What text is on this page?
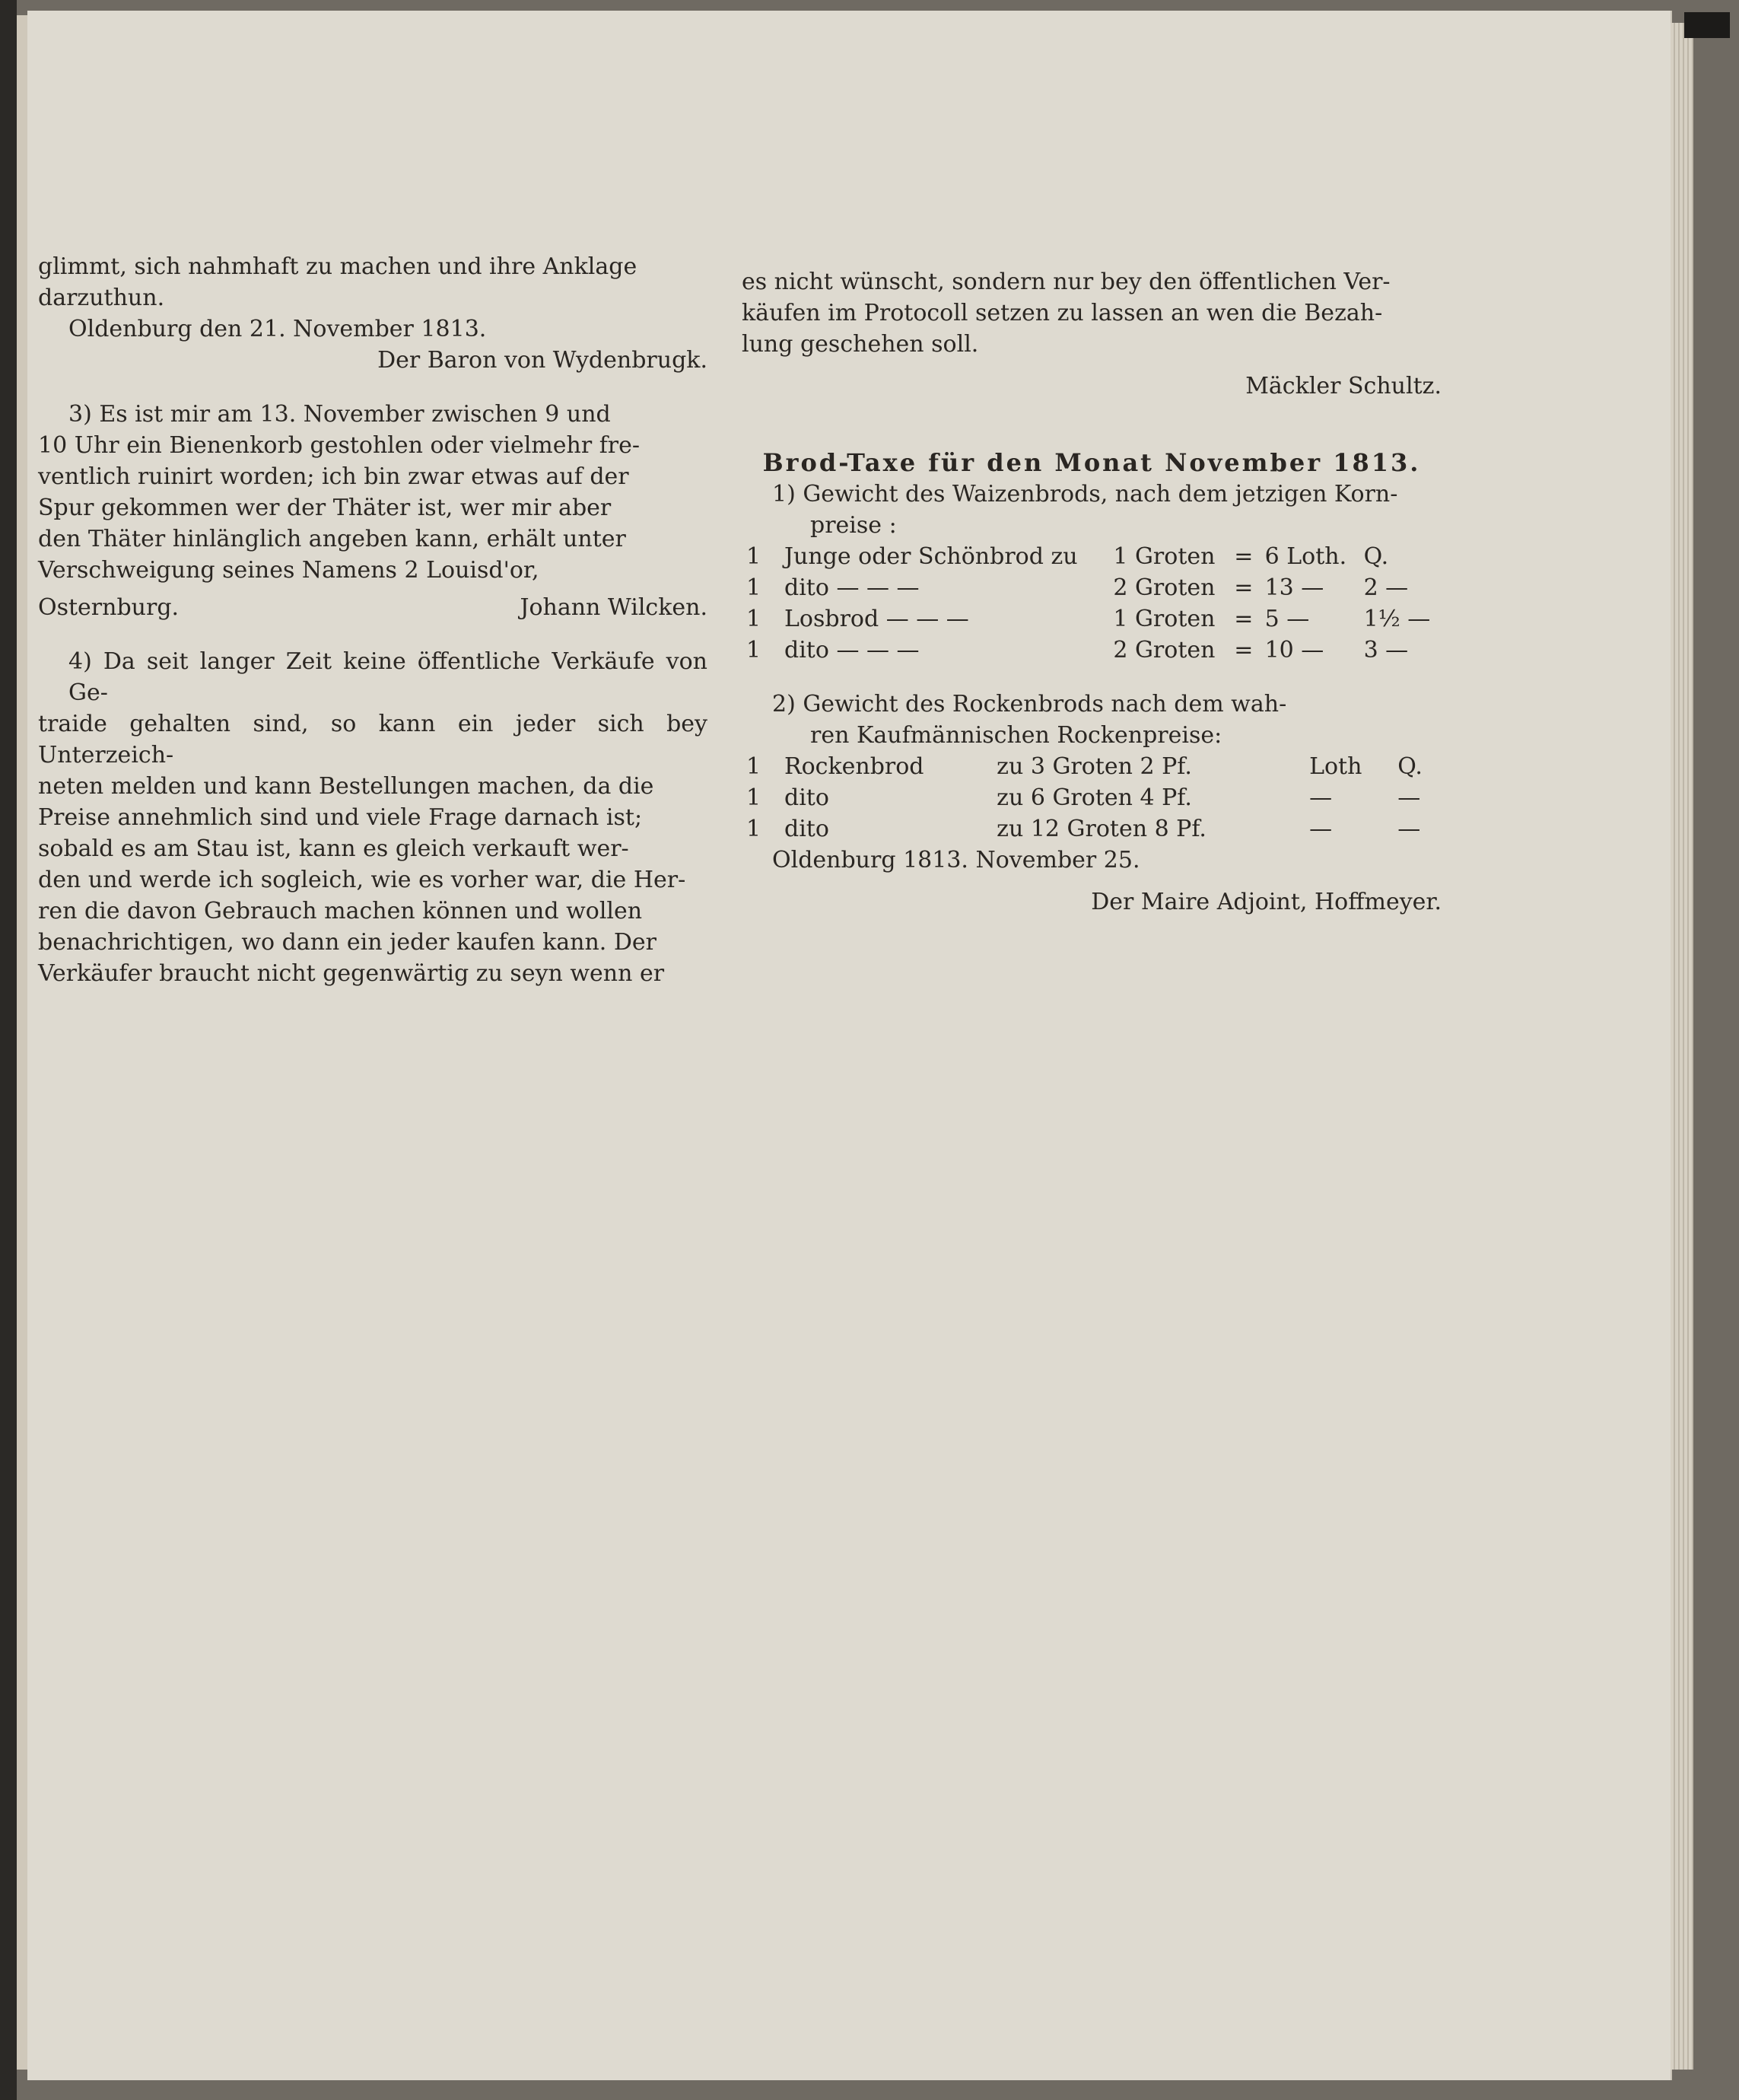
glimmt, sich nahmhaft zu machen und ihre Anklage

darzuthun.

Oldenburg den 21. November 1813.

Der Baron von Wydenbrugk.

3) Es ist mir am 13. November zwischen 9 und

10 Uhr ein Bienenkorb gestohlen oder vielmehr fre-

ventlich ruinirt worden; ich bin zwar etwas auf der

Spur gekommen wer der Thäter ist, wer mir aber

den Thäter hinlänglich angeben kann, erhält unter

Verschweigung seines Namens 2 Louisd'or,

Osternburg.	Johann Wilcken.

4) Da seit langer Zeit keine öffentliche Verkäufe von Ge-

traide gehalten sind, so kann ein jeder sich bey Unterzeich-

neten melden und kann Bestellungen machen, da die

Preise annehmlich sind und viele Frage darnach ist;

sobald es am Stau ist, kann es gleich verkauft wer-

den und werde ich sogleich, wie es vorher war, die Her-

ren die davon Gebrauch machen können und wollen

benachrichtigen, wo dann ein jeder kaufen kann. Der

Verkäufer braucht nicht gegenwärtig zu seyn wenn er

es nicht wünscht, sondern nur bey den öffentlichen Ver-

käufen im Protocoll setzen zu lassen an wen die Bezah-

lung geschehen soll.

Mäckler Schultz.

Brod-Taxe für den Monat November 1813.

1) Gewicht des Waizenbrods, nach dem jetzigen Korn-

preise :

1	Junge oder Schönbrod zu	1 Groten	=	6 Loth.	Q.
1	dito — — —	2 Groten	=	13 —	2 —
1	Losbrod — — —	1 Groten	=	5 —	1½ —
1	dito — — —	2 Groten	=	10 —	3 —

2) Gewicht des Rockenbrods nach dem wah-

ren Kaufmännischen Rockenpreise:

1	Rockenbrod	zu 3 Groten 2 Pf.	Loth	Q.
1	dito	zu 6 Groten 4 Pf.	—	—
1	dito	zu 12 Groten 8 Pf.	—	—

Oldenburg 1813. November 25.

Der Maire Adjoint, Hoffmeyer.
